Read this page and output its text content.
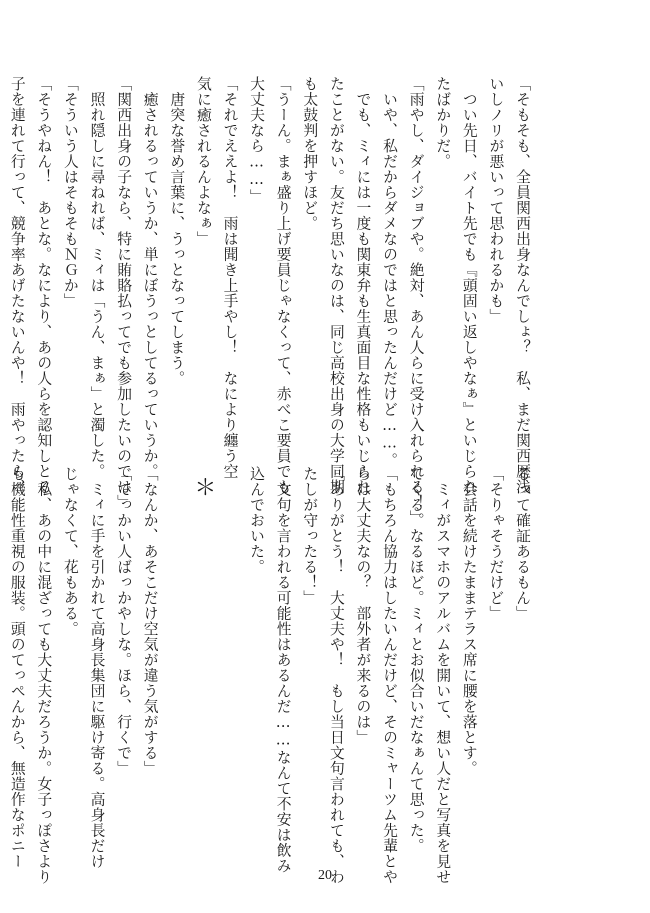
「そもそも、全員関西出身なんでしょ？　私、まだ関西歴浅
いしノリが悪いって思われるかも」
　つい先日、バイト先でも『頭固い返しやなぁ』といじられ
たばかりだ。
「雨やし、ダイジョブや。絶対、あん人らに受け入れられる！」
　いや、私だからダメなのではと思ったんだけど……。
　でも、ミィには一度も関東弁も生真面目な性格もいじられ
たことがない。友だち思いなのは、同じ高校出身の大学同期
も太鼓判を押すほど。
「うーん。まぁ盛り上げ要員じゃなくって、赤べこ要員でも
大丈夫なら……」
「それでええよ！　雨は聞き上手やし！　なにより纏う空
気に癒されるんよなぁ」
　唐突な誉め言葉に、うっとなってしまう。
　癒されるっていうか、単にぼうっとしてるっていうか。
「関西出身の子なら、特に賄賂払ってでも参加したいのでは」
　照れ隠しに尋ねれば、ミィは「うん、まぁ」と濁した。
「そういう人はそもそもＮＧか」
「そうやねん！　あとな。なにより、あの人らを認知しとる
子を連れて行って、競争率あげたないんや！　雨やったら、
るって確証あるもん」
「そりゃそうだけど」
　会話を続けたままテラス席に腰を落とす。
　ミィがスマホのアルバムを開いて、想い人だと写真を見せ
てくる。なるほど。ミィとお似合いだなぁんて思った。
「もちろん協力はしたいんだけど、そのミャーツム先輩とや
らは大丈夫なの？　部外者が来るのは」
「ありがとう！　大丈夫や！　もし当日文句言われても、わ
たしが守ったる！」
　文句を言われる可能性はあるんだ……なんて不安は飲み
込んでおいた。
＊
「なんか、あそこだけ空気が違う気がする」
「でっかい人ばっかやしな。ほら、行くで」
　ミィに手を引かれて高身長集団に駆け寄る。高身長だけ
じゃなくて、花もある。
　私、あの中に混ざっても大丈夫だろうか。女子っぽさより
も機能性重視の服装。頭のてっぺんから、無造作なポニー
20
